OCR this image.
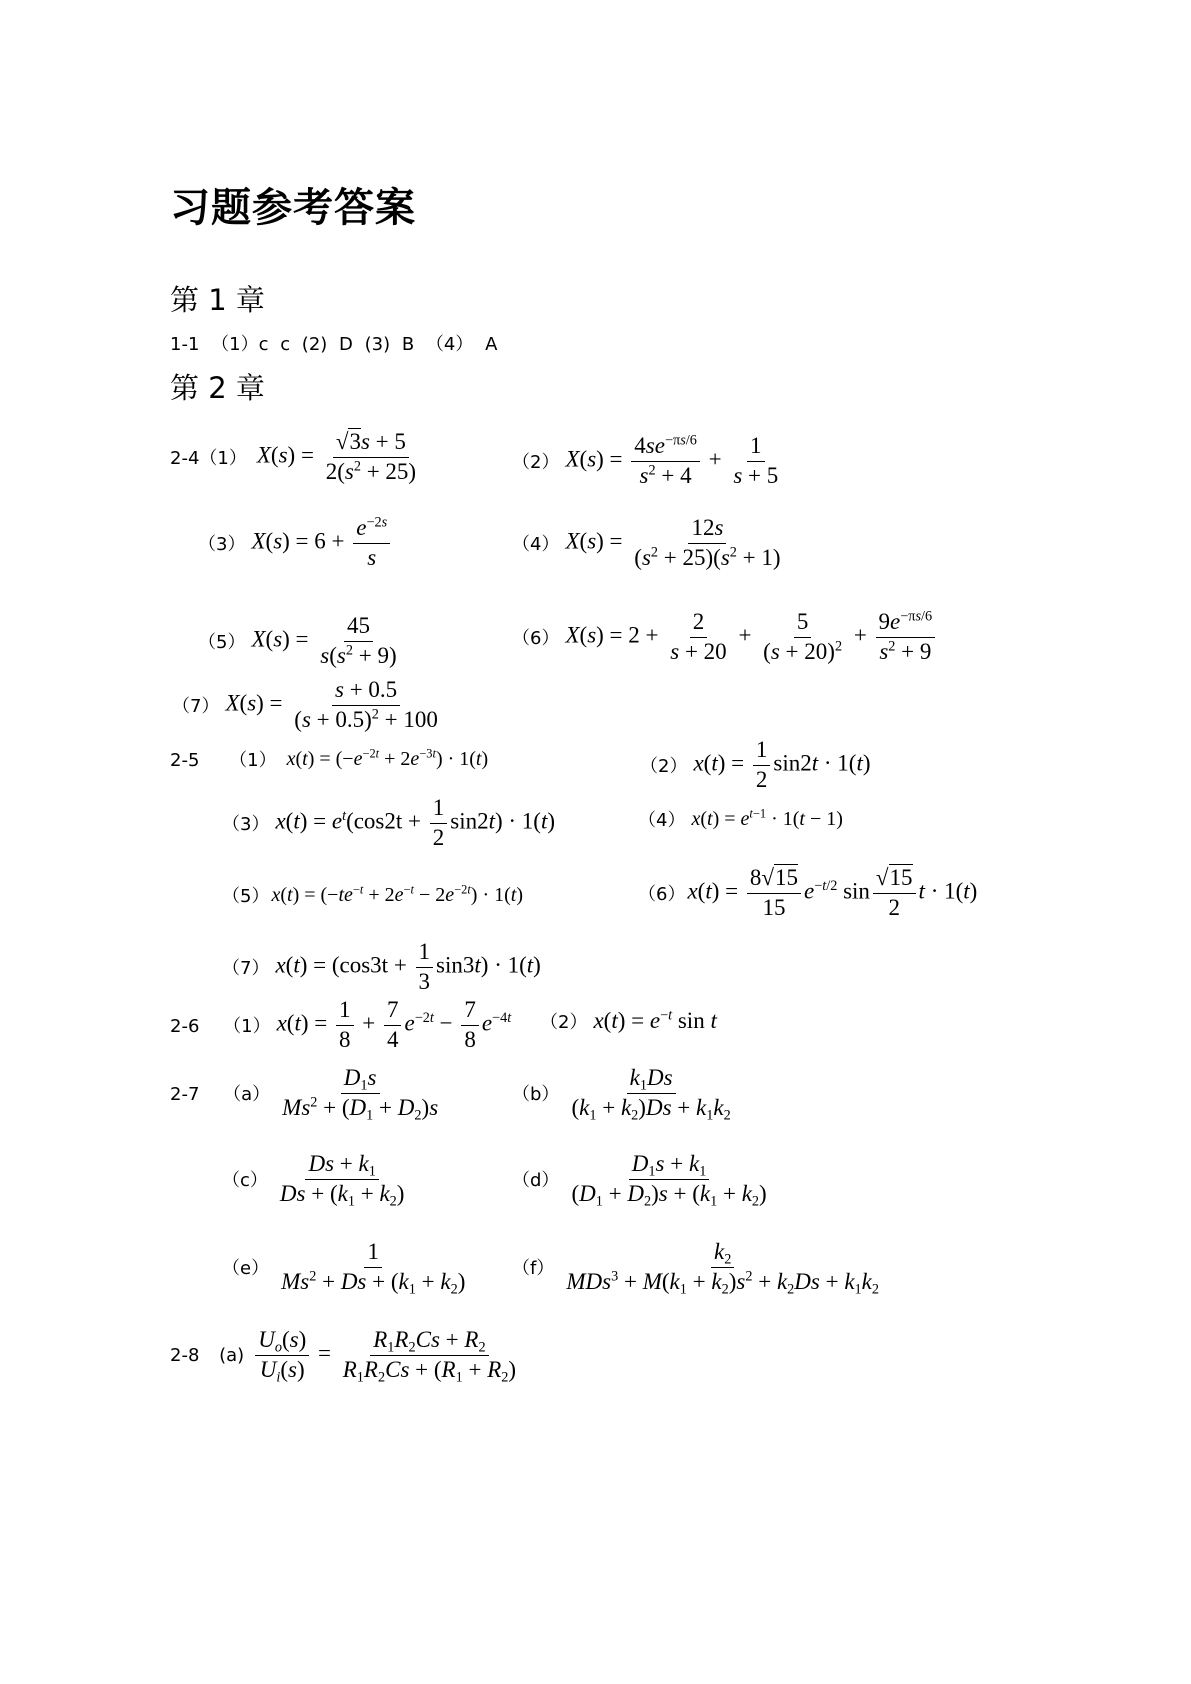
习题参考答案
第 1 章
1-1 （1）c c (2) D (3) B （4） A
第 2 章
2-4（1） $X(s) = \frac{√3s + 5}{2(s^2 + 25)}$	（2） $X(s) = \frac{4se^{-\pi s/6}}{s^2 + 4} + \frac{1}{s + 5}$
（3） $X(s) = 6 + \frac{e^{-2s}}{s}$	（4） $X(s) = \frac{12s}{(s^2 + 25)(s^2 + 1)}$
（5） $X(s) = \frac{45}{s(s^2 + 9)}$	（6） $X(s) = 2 + \frac{2}{s + 20} + \frac{5}{(s + 20)^2} + \frac{9e^{-\pi s/6}}{s^2 + 9}$
（7） $X(s) = \frac{s + 0.5}{(s + 0.5)^2 + 100}$
2-5 （1） $x(t) = (-e^{-2t} + 2e^{-3t}) \cdot 1(t)$	（2） $x(t) = \frac{1}{2} \sin 2t \cdot 1(t)$
（3） $x(t) = e^t(\cos 2t + \frac{1}{2} \sin 2t) \cdot 1(t)$	（4） $x(t) = e^{t-1} \cdot 1(t - 1)$
（5） $x(t) = (-te^{-t} + 2e^{-t} - 2e^{-2t}) \cdot 1(t)$	（6） $x(t) = \frac{8√15}{15} e^{-t/2}$ $\sin \frac{√15}{2}$ t · 1(t)
（7） $x(t) = (\cos 3t + \frac{1}{3} \sin 3t) \cdot 1(t)$
2-6 （1） $x(t) = \frac{1}{8} + \frac{7}{4} e^{-2t} - \frac{7}{8} e^{-4t}$ （2） $x(t) = e^{-t}$ sin t
2-7 $(a) \frac{D_1s}{Ms^2 + (D_1 + D_2)s}$	$(b) \frac{k_1Ds}{(k_1 + k_2)Ds + k_1k_2}$
$(c) \frac{Ds + k_1}{Ds + (k_1 + k_2)}$	$(d) \frac{D_1s + k_1}{(D_1 + D_2)s + (k_1 + k_2)}$
$(e) \frac{1}{Ms^2 + Ds + (k_1 + k_2)} (f) \frac{k_2}{MDs^3 + M(k_1 + k_2)s^2 + k_2Ds + k_1k_2}$
2-8 $(a) \frac{U_o(s)}{U_i(s)} = \frac{R_1R_2Cs + R_2}{R_1R_2Cs + (R_1 + R_2)}$
